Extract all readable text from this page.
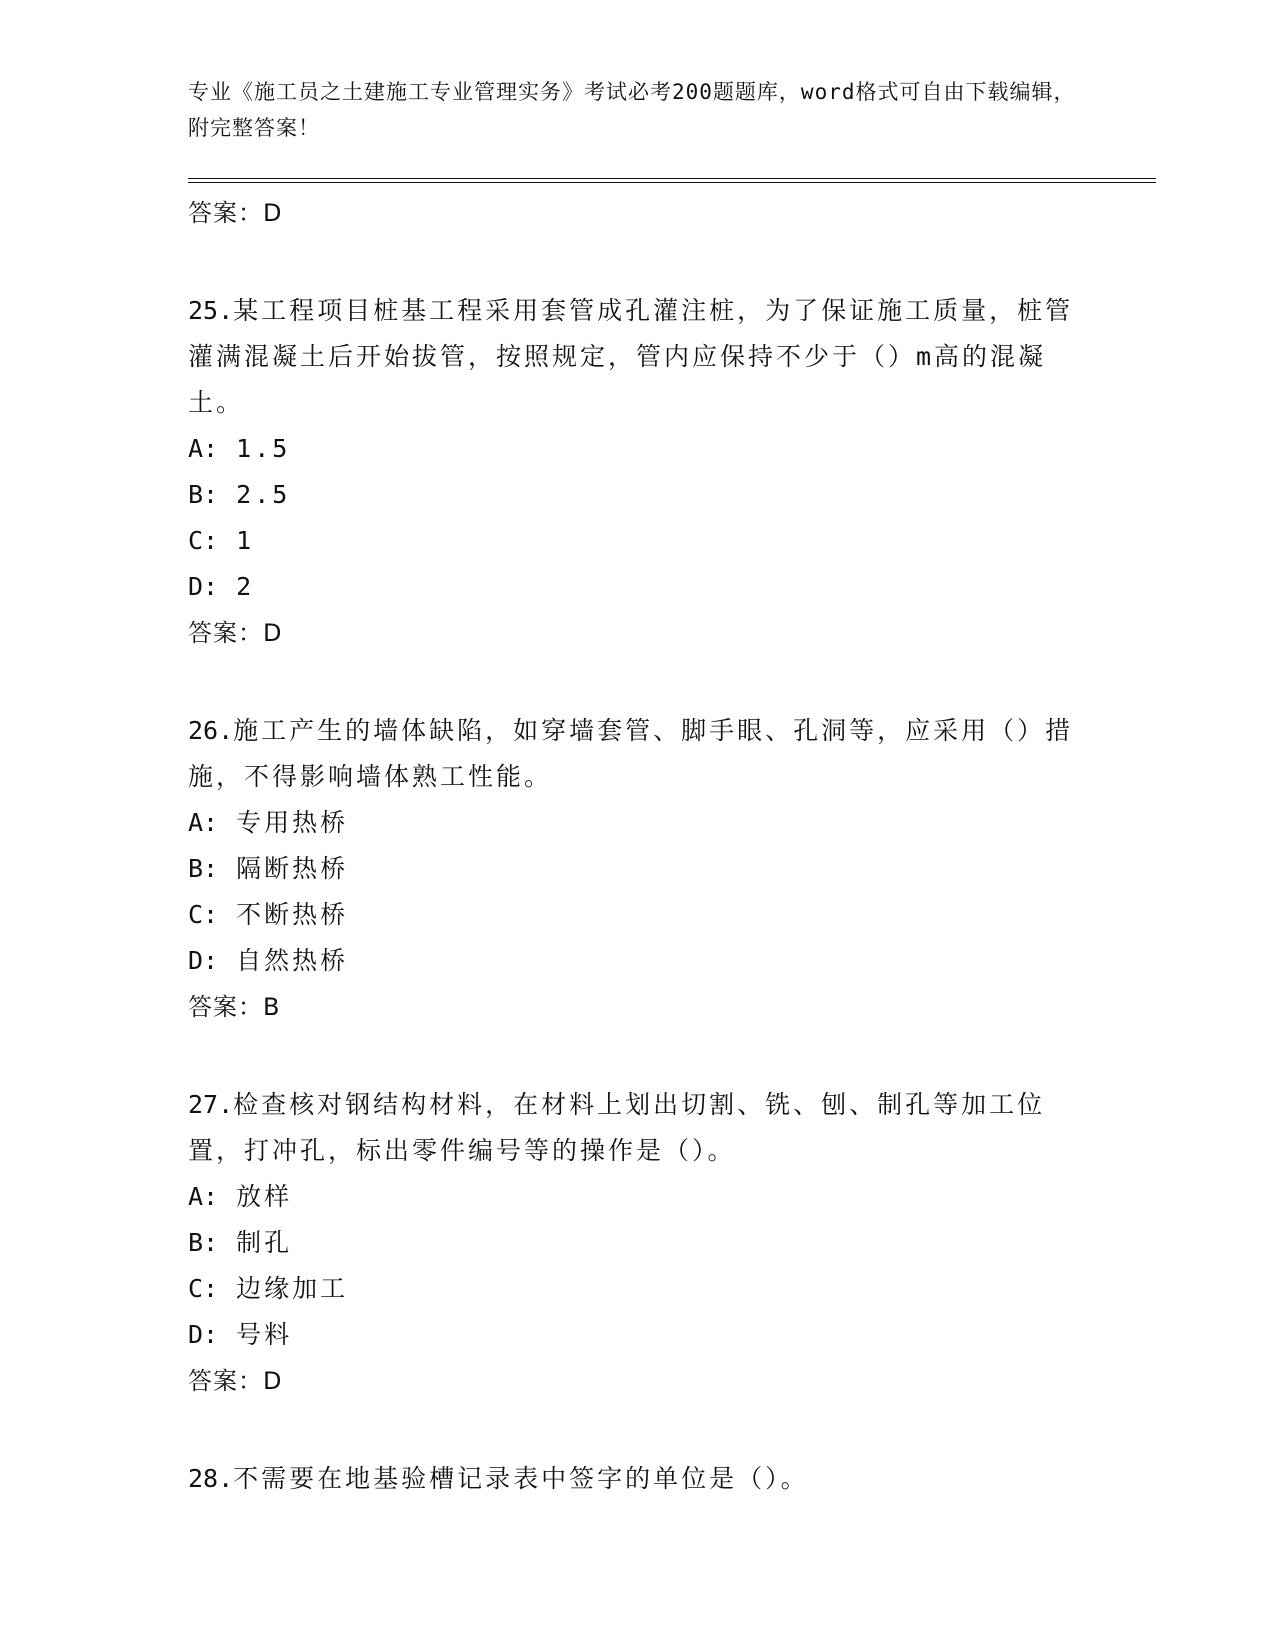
专业《施工员之土建施工专业管理实务》考试必考200题题库，word格式可自由下载编辑，附完整答案！
答案：D
25.某工程项目桩基工程采用套管成孔灌注桩，为了保证施工质量，桩管灌满混凝土后开始拔管，按照规定，管内应保持不少于（）m高的混凝土。
A: 1.5
B: 2.5
C: 1
D: 2
答案：D
26.施工产生的墙体缺陷，如穿墙套管、脚手眼、孔洞等，应采用（）措施，不得影响墙体熟工性能。
A: 专用热桥
B: 隔断热桥
C: 不断热桥
D: 自然热桥
答案：B
27.检查核对钢结构材料，在材料上划出切割、铣、刨、制孔等加工位置，打冲孔，标出零件编号等的操作是（）。
A: 放样
B: 制孔
C: 边缘加工
D: 号料
答案：D
28.不需要在地基验槽记录表中签字的单位是（）。
